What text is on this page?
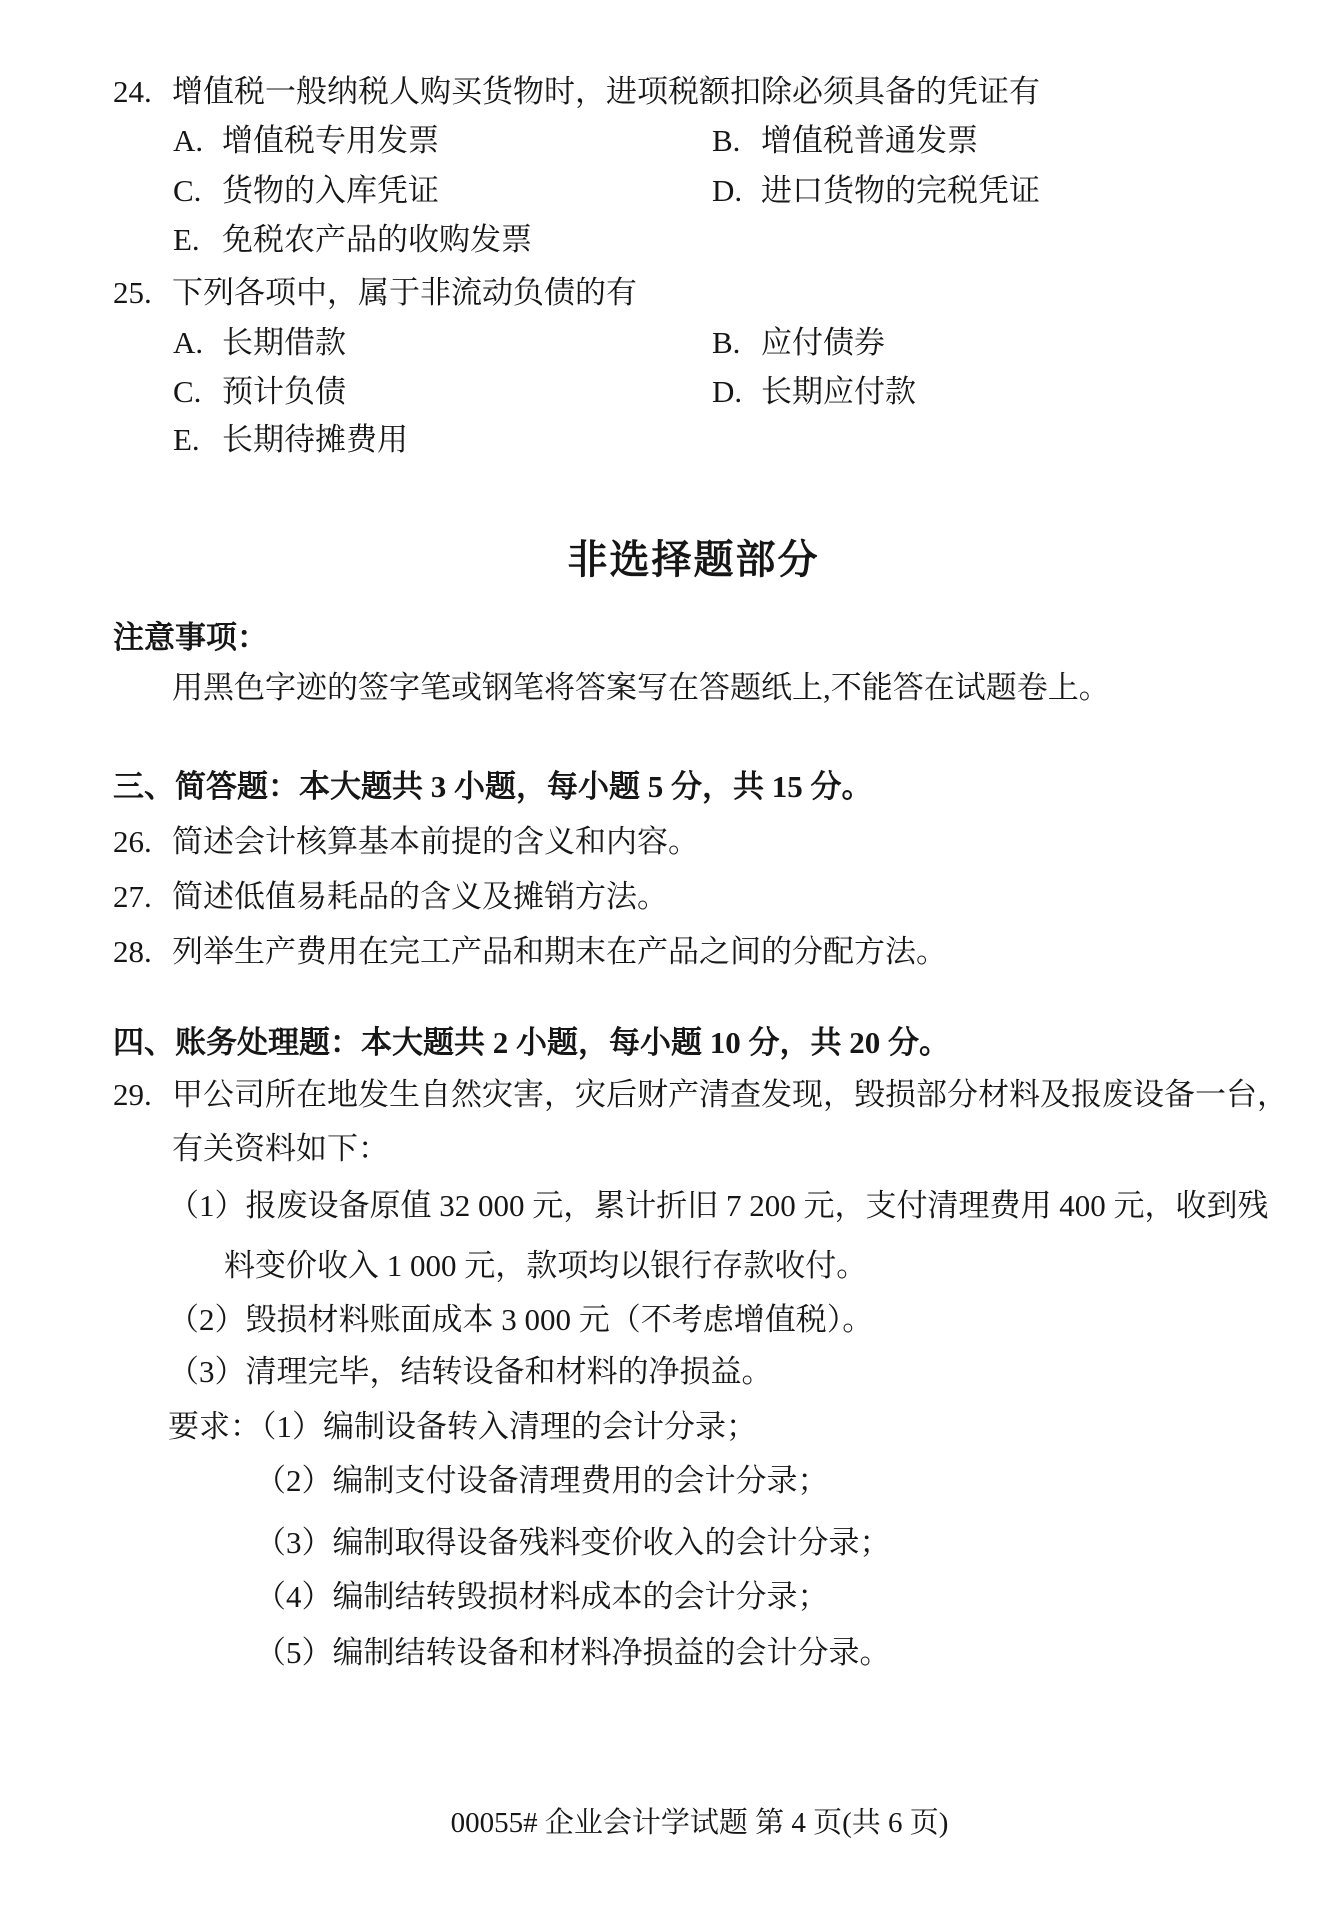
24. 增值税一般纳税人购买货物时，进项税额扣除必须具备的凭证有
A. 增值税专用发票	B. 增值税普通发票
C. 货物的入库凭证	D. 进口货物的完税凭证
E. 免税农产品的收购发票
25. 下列各项中，属于非流动负债的有
A. 长期借款	B. 应付债券
C. 预计负债	D. 长期应付款
E. 长期待摊费用
非选择题部分
注意事项：
用黑色字迹的签字笔或钢笔将答案写在答题纸上,不能答在试题卷上。
三、简答题：本大题共 3 小题，每小题 5 分，共 15 分。
26. 简述会计核算基本前提的含义和内容。
27. 简述低值易耗品的含义及摊销方法。
28. 列举生产费用在完工产品和期末在产品之间的分配方法。
四、账务处理题：本大题共 2 小题，每小题 10 分，共 20 分。
29. 甲公司所在地发生自然灾害，灾后财产清查发现，毁损部分材料及报废设备一台，
有关资料如下：
（1）报废设备原值 32 000 元，累计折旧 7 200 元，支付清理费用 400 元，收到残
料变价收入 1 000 元，款项均以银行存款收付。
（2）毁损材料账面成本 3 000 元（不考虑增值税）。
（3）清理完毕，结转设备和材料的净损益。
要求：（1）编制设备转入清理的会计分录；
（2）编制支付设备清理费用的会计分录；
（3）编制取得设备残料变价收入的会计分录；
（4）编制结转毁损材料成本的会计分录；
（5）编制结转设备和材料净损益的会计分录。
00055# 企业会计学试题 第 4 页(共 6 页)
